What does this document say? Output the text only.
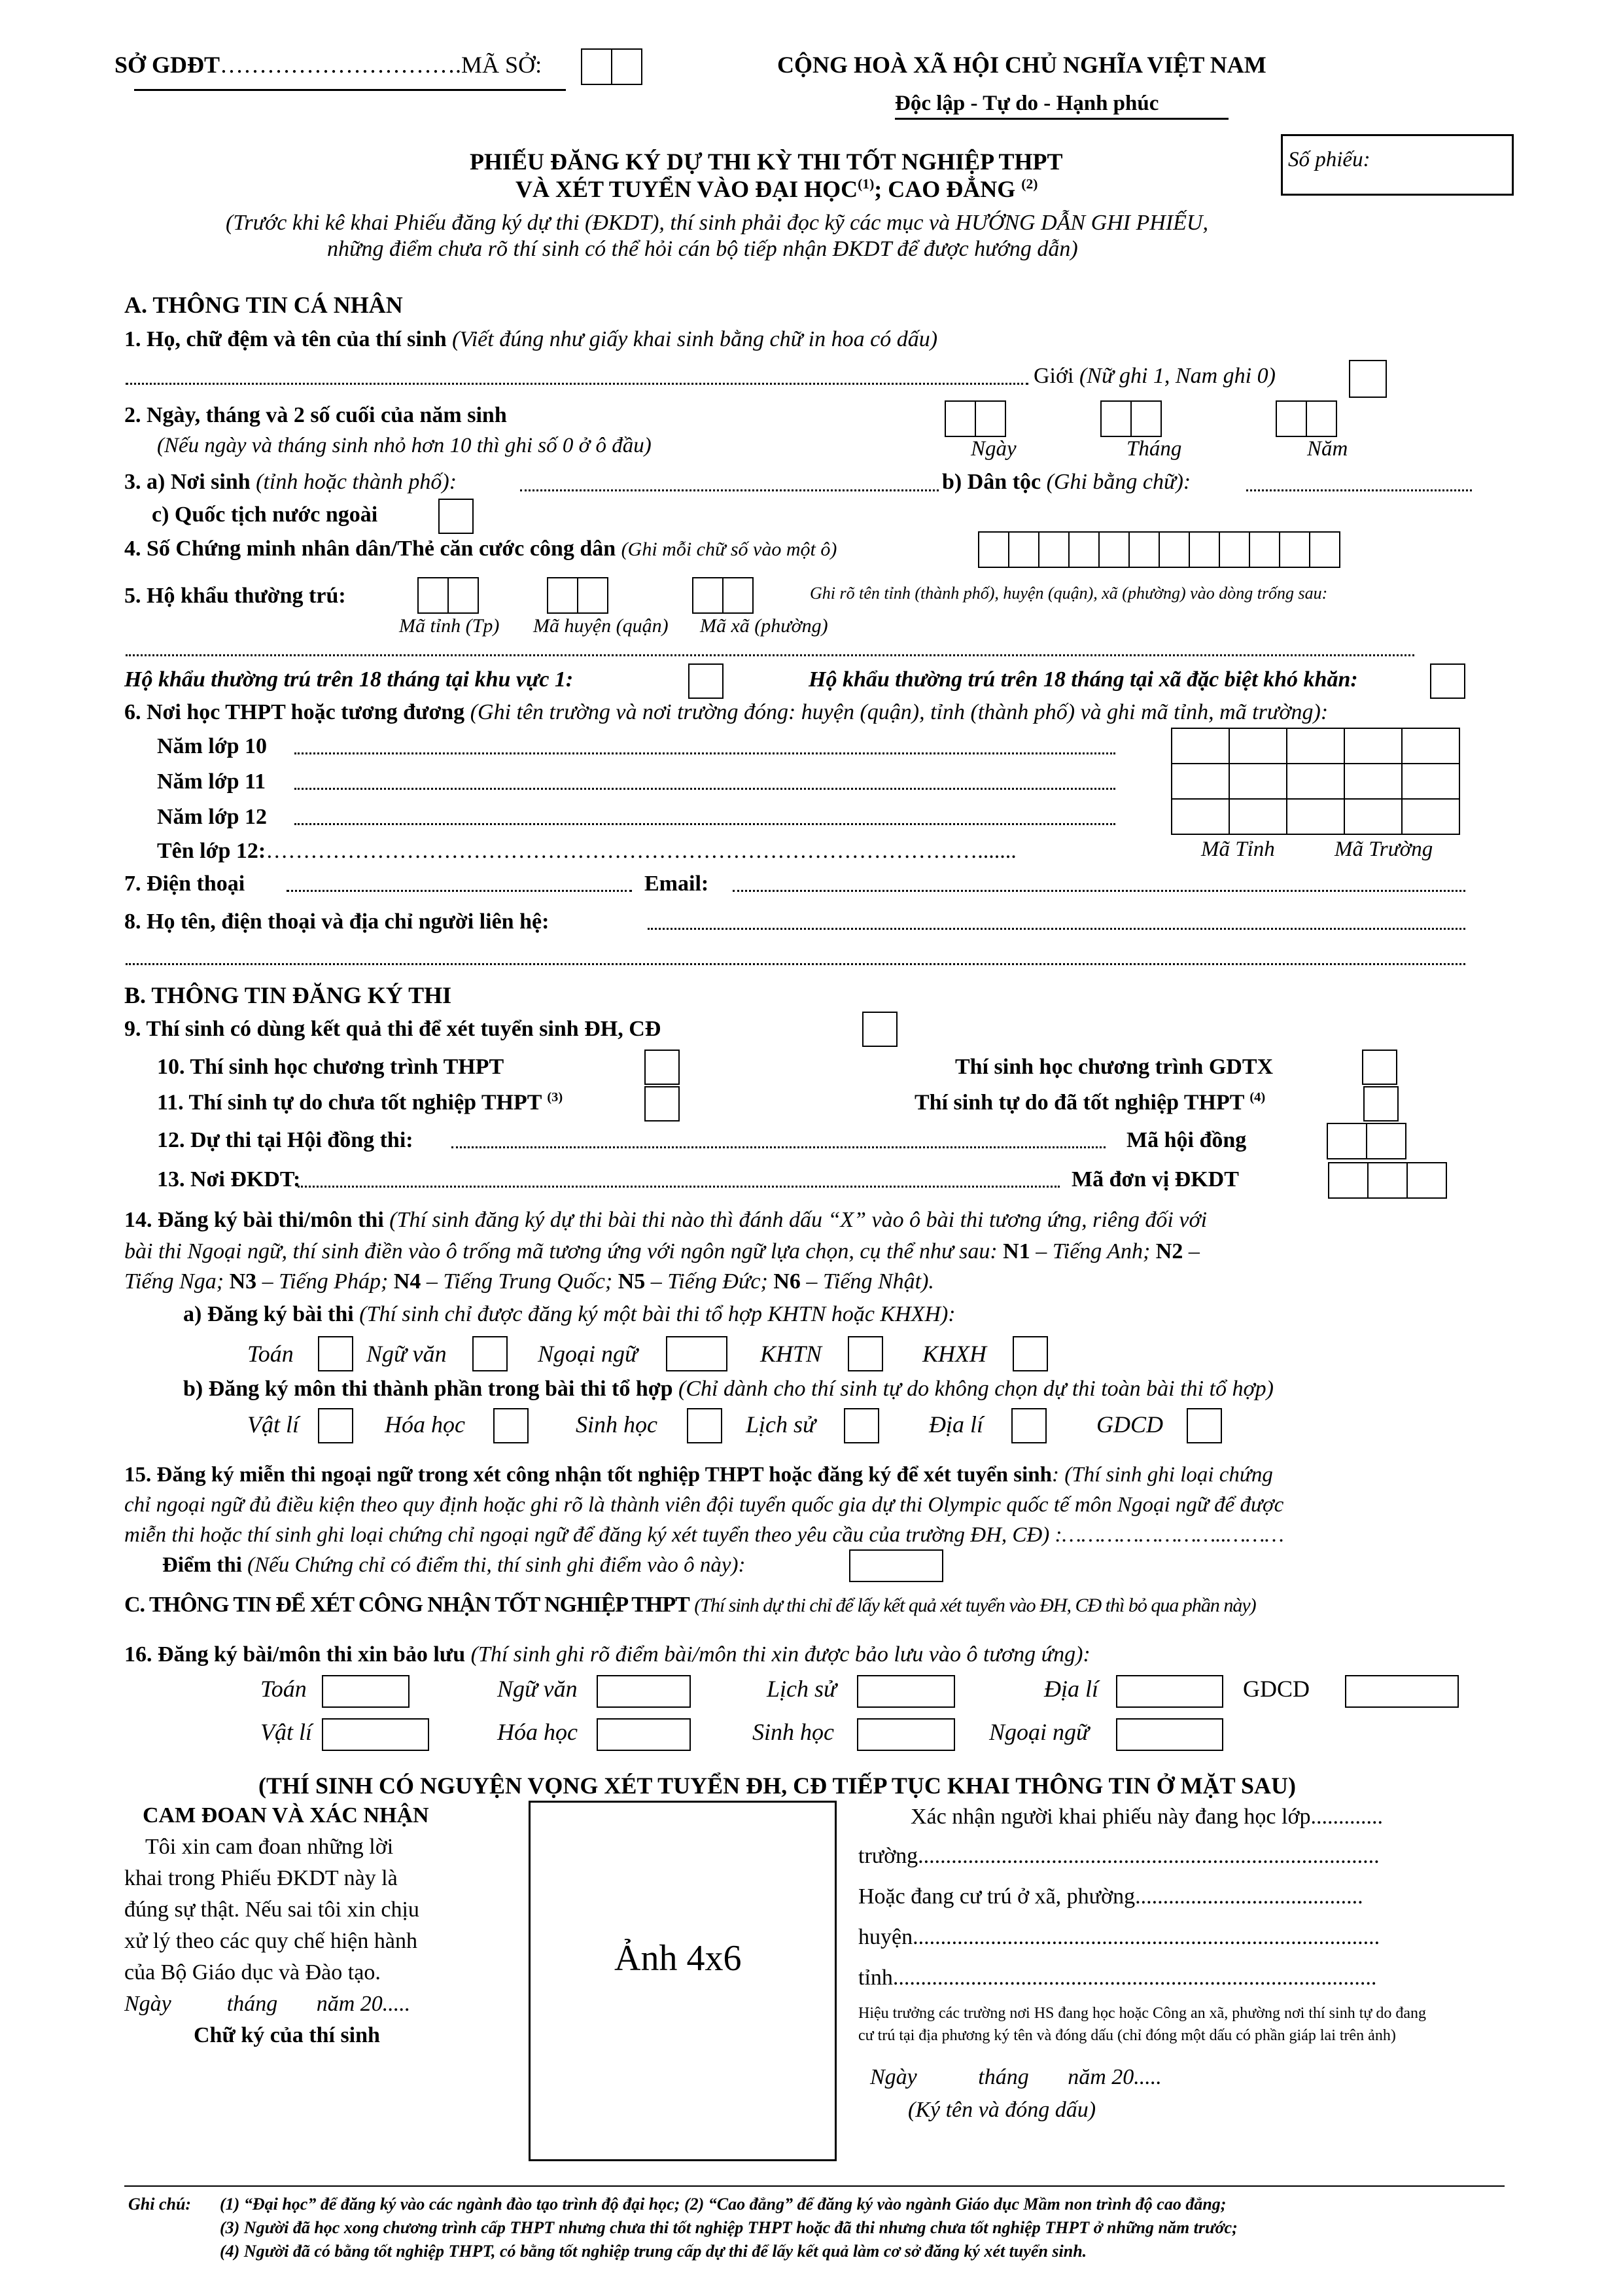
SỞ GDĐT………………………….MÃ SỞ:	CỘNG HOÀ XÃ HỘI CHỦ NGHĨA VIỆT NAM
Độc lập - Tự do - Hạnh phúc
Số phiếu:
PHIẾU ĐĂNG KÝ DỰ THI KỲ THI TỐT NGHIỆP THPT
VÀ XÉT TUYỂN VÀO ĐẠI HỌC$^{(1)}$; CAO ĐẲNG $^{(2)}$
(Trước khi kê khai Phiếu đăng ký dự thi (ĐKDT), thí sinh phải đọc kỹ các mục và HƯỚNG DẪN GHI PHIẾU,
những điểm chưa rõ thí sinh có thể hỏi cán bộ tiếp nhận ĐKDT để được hướng dẫn)
A. THÔNG TIN CÁ NHÂN
1. Họ, chữ đệm và tên của thí sinh (Viết đúng như giấy khai sinh bằng chữ in hoa có dấu)
Giới (Nữ ghi 1, Nam ghi 0)
2. Ngày, tháng và 2 số cuối của năm sinh
(Nếu ngày và tháng sinh nhỏ hơn 10 thì ghi số 0 ở ô đầu)	Ngày	Tháng	Năm
3. a) Nơi sinh (tỉnh hoặc thành phố):	b) Dân tộc (Ghi bằng chữ):
c) Quốc tịch nước ngoài
4. Số Chứng minh nhân dân/Thẻ căn cước công dân (Ghi mỗi chữ số vào một ô)
5. Hộ khẩu thường trú:	Ghi rõ tên tỉnh (thành phố), huyện (quận), xã (phường) vào dòng trống sau:
Mã tỉnh (Tp) Mã huyện (quận) Mã xã (phường)
Hộ khẩu thường trú trên 18 tháng tại khu vực 1:	Hộ khẩu thường trú trên 18 tháng tại xã đặc biệt khó khăn:
6. Nơi học THPT hoặc tương đương (Ghi tên trường và nơi trường đóng: huyện (quận), tỉnh (thành phố) và ghi mã tỉnh, mã trường):
Năm lớp 10
Năm lớp 11
Năm lớp 12
Tên lớp 12:…………………………………………………………………………………….......	Mã Tỉnh	Mã Trường
7. Điện thoại	Email:
8. Họ tên, điện thoại và địa chỉ người liên hệ:
B. THÔNG TIN ĐĂNG KÝ THI
9. Thí sinh có dùng kết quả thi để xét tuyển sinh ĐH, CĐ
10. Thí sinh học chương trình THPT	Thí sinh học chương trình GDTX
11. Thí sinh tự do chưa tốt nghiệp THPT $^{(3)}$	Thí sinh tự do đã tốt nghiệp THPT $^{(4)}$
12. Dự thi tại Hội đồng thi:	Mã hội đồng
13. Nơi ĐKDT:	Mã đơn vị ĐKDT
14. Đăng ký bài thi/môn thi (Thí sinh đăng ký dự thi bài thi nào thì đánh dấu “X” vào ô bài thi tương ứng, riêng đối với
bài thi Ngoại ngữ, thí sinh điền vào ô trống mã tương ứng với ngôn ngữ lựa chọn, cụ thể như sau: N1 – Tiếng Anh; N2 –
Tiếng Nga; N3 – Tiếng Pháp; N4 – Tiếng Trung Quốc; N5 – Tiếng Đức; N6 – Tiếng Nhật).
a) Đăng ký bài thi (Thí sinh chỉ được đăng ký một bài thi tổ hợp KHTN hoặc KHXH):
Toán	Ngữ văn	Ngoại ngữ	KHTN	KHXH
b) Đăng ký môn thi thành phần trong bài thi tổ hợp (Chỉ dành cho thí sinh tự do không chọn dự thi toàn bài thi tổ hợp)
Vật lí	Hóa học	Sinh học	Lịch sử	Địa lí	GDCD
15. Đăng ký miễn thi ngoại ngữ trong xét công nhận tốt nghiệp THPT hoặc đăng ký để xét tuyển sinh: (Thí sinh ghi loại chứng
chỉ ngoại ngữ đủ điều kiện theo quy định hoặc ghi rõ là thành viên đội tuyển quốc gia dự thi Olympic quốc tế môn Ngoại ngữ để được
miễn thi hoặc thí sinh ghi loại chứng chỉ ngoại ngữ để đăng ký xét tuyển theo yêu cầu của trường ĐH, CĐ) :……………………..………
Điểm thi (Nếu Chứng chỉ có điểm thi, thí sinh ghi điểm vào ô này):
C. THÔNG TIN ĐỂ XÉT CÔNG NHẬN TỐT NGHIỆP THPT (Thí sinh dự thi chỉ để lấy kết quả xét tuyển vào ĐH, CĐ thì bỏ qua phần này)
16. Đăng ký bài/môn thi xin bảo lưu (Thí sinh ghi rõ điểm bài/môn thi xin được bảo lưu vào ô tương ứng):
Toán	Ngữ văn	Lịch sử	Địa lí	GDCD
Vật lí	Hóa học	Sinh học	Ngoại ngữ
(THÍ SINH CÓ NGUYỆN VỌNG XÉT TUYỂN ĐH, CĐ TIẾP TỤC KHAI THÔNG TIN Ở MẶT SAU)
CAM ĐOAN VÀ XÁC NHẬN
Tôi xin cam đoan những lời
khai trong Phiếu ĐKDT này là
đúng sự thật. Nếu sai tôi xin chịu
xử lý theo các quy chế hiện hành
của Bộ Giáo dục và Đào tạo.
Ngày          tháng       năm 20.....
Chữ ký của thí sinh
Ảnh 4x6
Xác nhận người khai phiếu này đang học lớp.............
trường...................................................................................
Hoặc đang cư trú ở xã, phường.........................................
huyện....................................................................................
tỉnh.......................................................................................
Hiệu trưởng các trường nơi HS đang học hoặc Công an xã, phường nơi thí sinh tự do đang
cư trú tại địa phương ký tên và đóng dấu (chỉ đóng một dấu có phần giáp lai trên ảnh)
Ngày           tháng       năm 20.....
(Ký tên và đóng dấu)
Ghi chú: (1) “Đại học” để đăng ký vào các ngành đào tạo trình độ đại học; (2) “Cao đẳng” để đăng ký vào ngành Giáo dục Mầm non trình độ cao đẳng;
(3) Người đã học xong chương trình cấp THPT nhưng chưa thi tốt nghiệp THPT hoặc đã thi nhưng chưa tốt nghiệp THPT ở những năm trước;
(4) Người đã có bằng tốt nghiệp THPT, có bằng tốt nghiệp trung cấp dự thi để lấy kết quả làm cơ sở đăng ký xét tuyển sinh.
